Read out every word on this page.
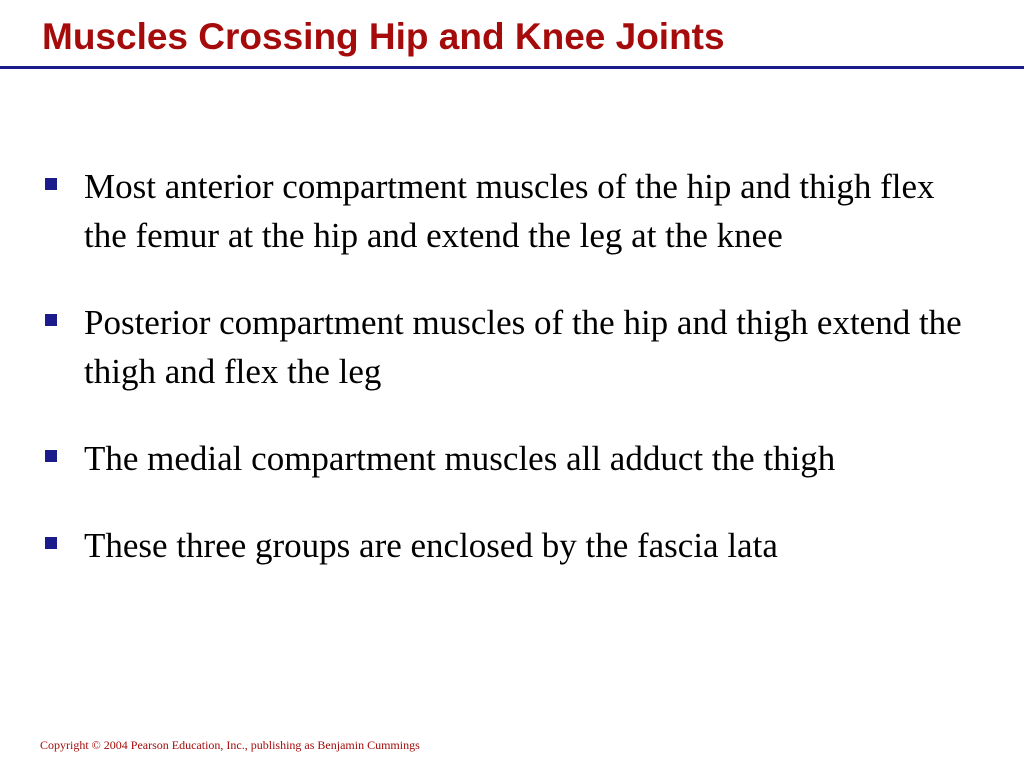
Muscles Crossing Hip and Knee Joints
Most anterior compartment muscles of the hip and thigh flex the femur at the hip and extend the leg at the knee
Posterior compartment muscles of the hip and thigh extend the thigh and flex the leg
The medial compartment muscles all adduct the thigh
These three groups are enclosed by the fascia lata

Copyright © 2004 Pearson Education, Inc., publishing as Benjamin Cummings
